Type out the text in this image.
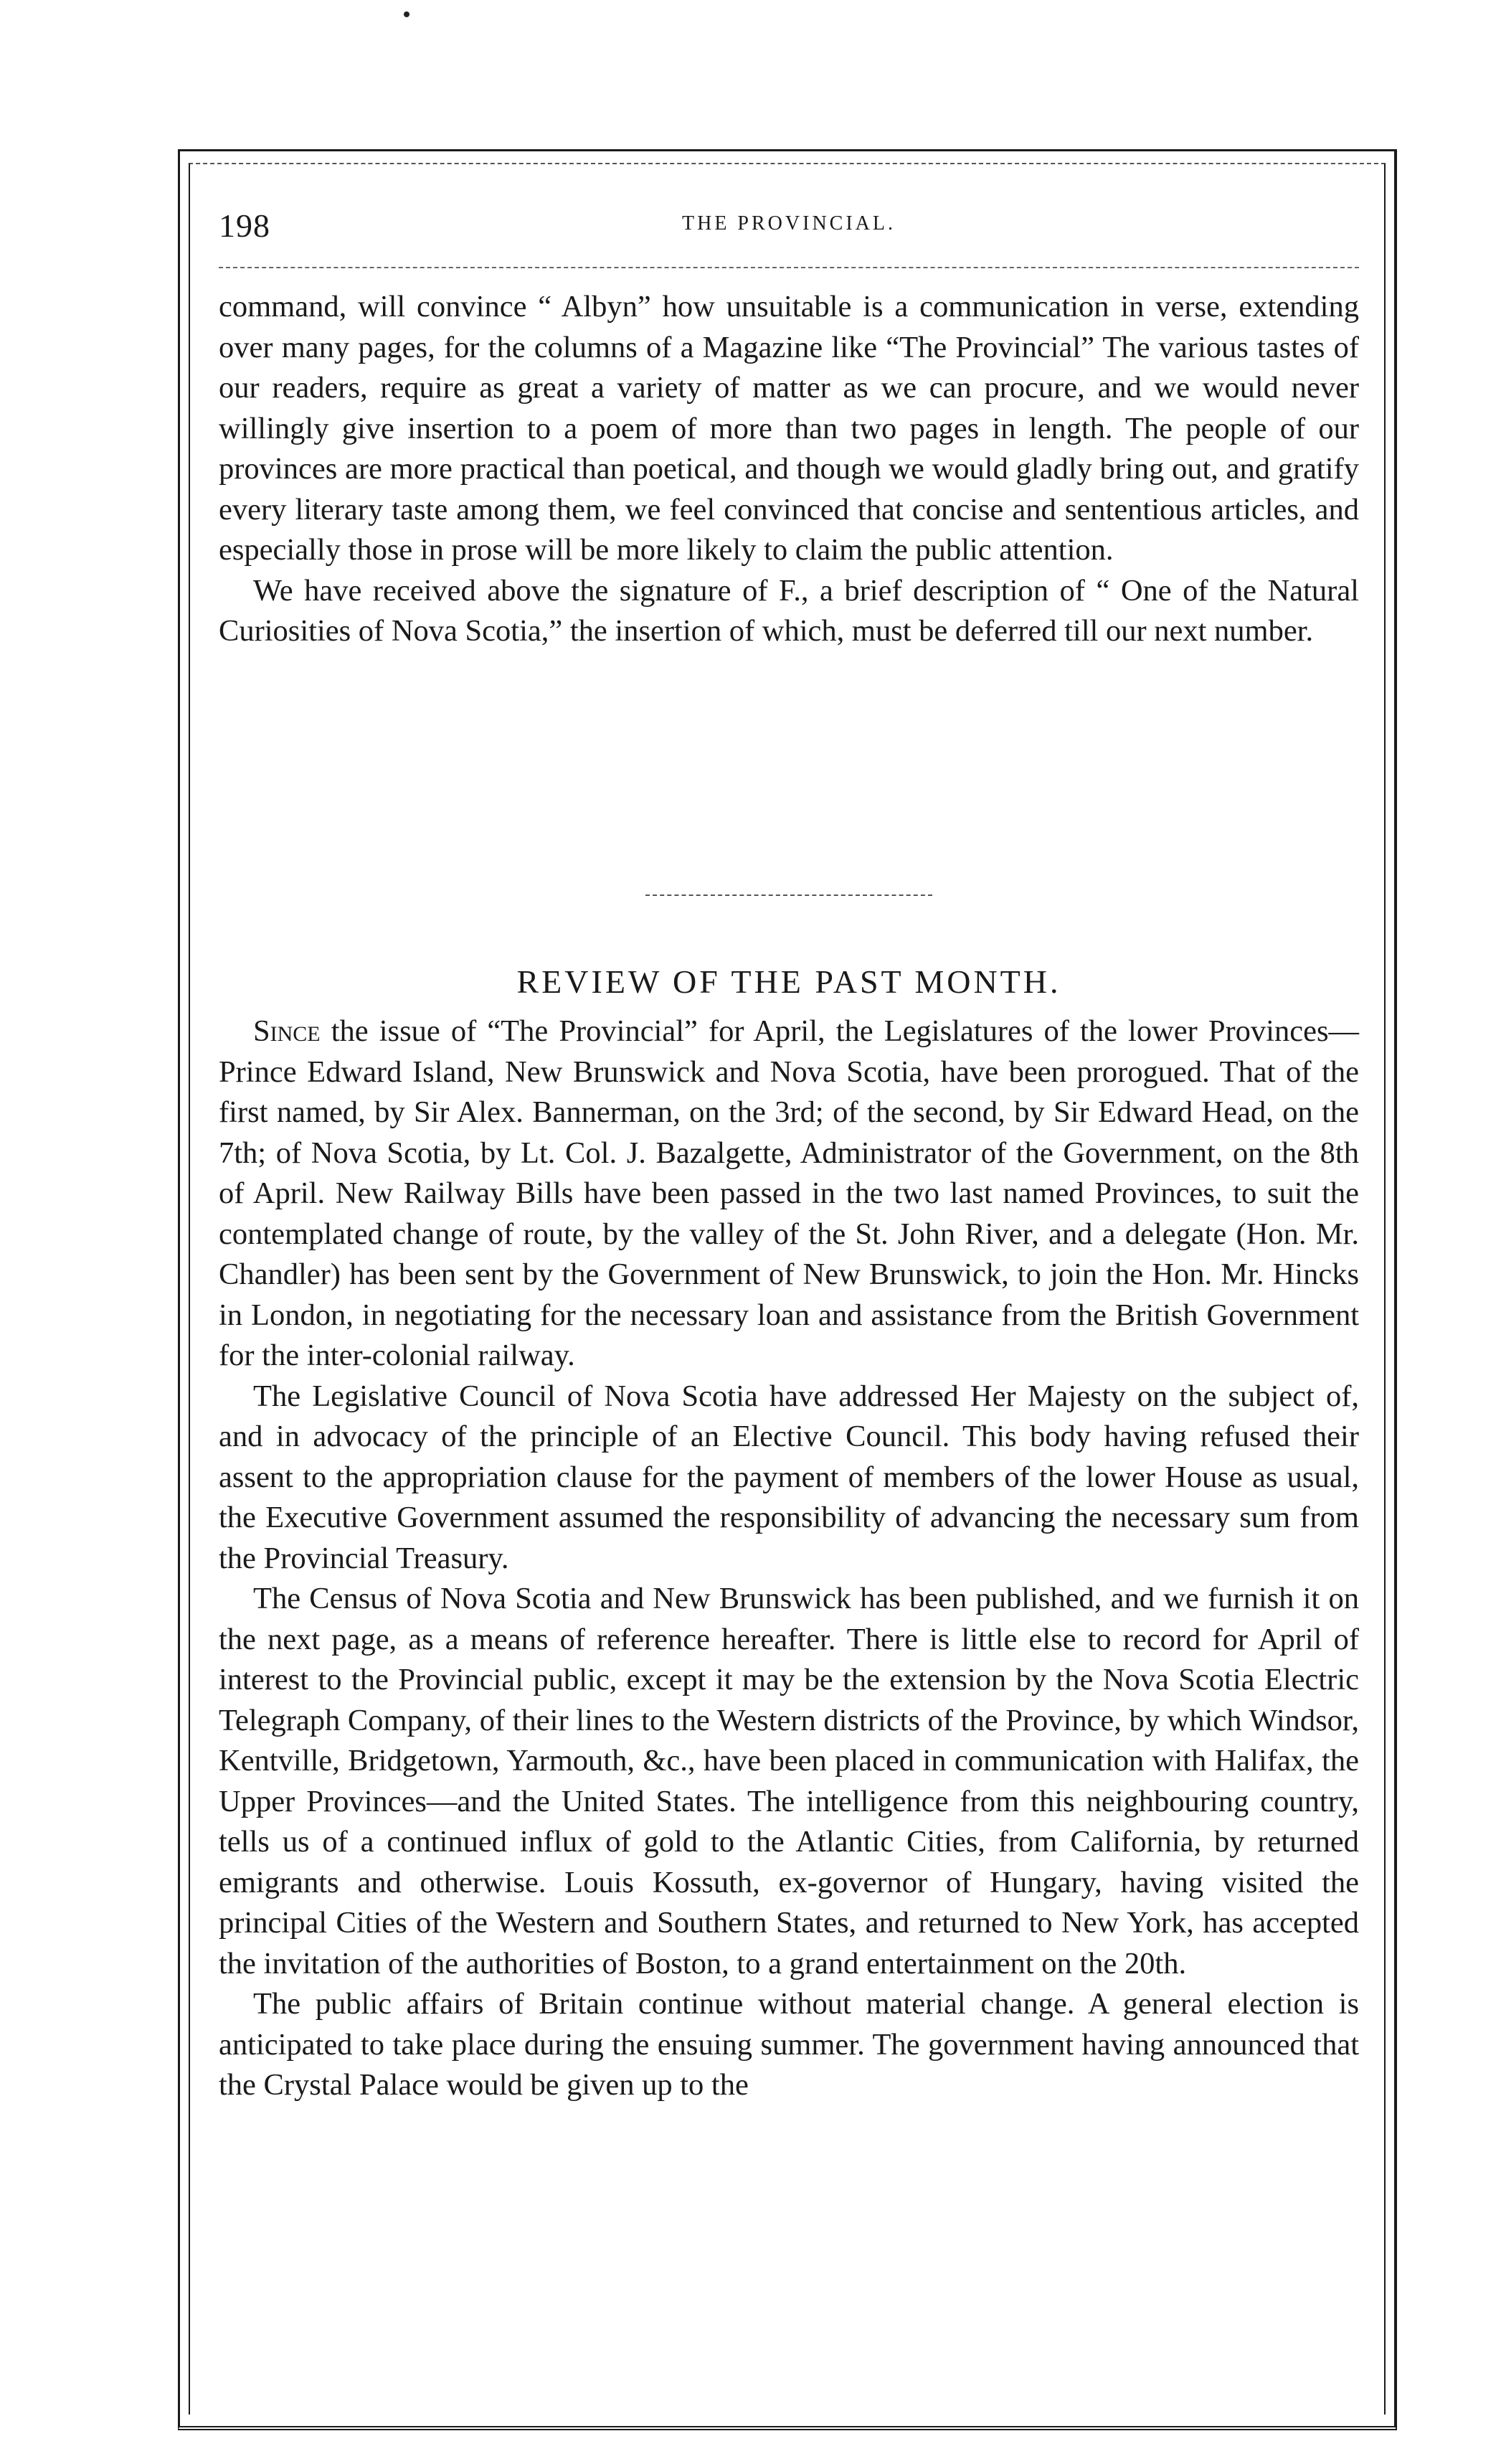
198	THE PROVINCIAL.

command, will convince “ Albyn” how unsuitable is a communication in verse, extending over many pages, for the columns of a Magazine like “The Provincial” The various tastes of our readers, require as great a variety of matter as we can procure, and we would never willingly give insertion to a poem of more than two pages in length. The people of our provinces are more practical than poetical, and though we would gladly bring out, and gratify every literary taste among them, we feel convinced that concise and sententious articles, and especially those in prose will be more likely to claim the public attention.

We have received above the signature of F., a brief description of “ One of the Natural Curiosities of Nova Scotia,” the insertion of which, must be deferred till our next number.

REVIEW OF THE PAST MONTH.

Since the issue of “The Provincial” for April, the Legislatures of the lower Provinces—Prince Edward Island, New Brunswick and Nova Scotia, have been prorogued. That of the first named, by Sir Alex. Bannerman, on the 3rd; of the second, by Sir Edward Head, on the 7th; of Nova Scotia, by Lt. Col. J. Bazalgette, Administrator of the Government, on the 8th of April. New Railway Bills have been passed in the two last named Provinces, to suit the contemplated change of route, by the valley of the St. John River, and a delegate (Hon. Mr. Chandler) has been sent by the Government of New Brunswick, to join the Hon. Mr. Hincks in London, in negotiating for the necessary loan and assistance from the British Government for the inter-colonial railway.

The Legislative Council of Nova Scotia have addressed Her Majesty on the subject of, and in advocacy of the principle of an Elective Council. This body having refused their assent to the appropriation clause for the payment of members of the lower House as usual, the Executive Government assumed the responsibility of advancing the necessary sum from the Provincial Treasury.

The Census of Nova Scotia and New Brunswick has been published, and we furnish it on the next page, as a means of reference hereafter. There is little else to record for April of interest to the Provincial public, except it may be the extension by the Nova Scotia Electric Telegraph Company, of their lines to the Western districts of the Province, by which Windsor, Kentville, Bridgetown, Yarmouth, &c., have been placed in communication with Halifax, the Upper Provinces—and the United States. The intelligence from this neighbouring country, tells us of a continued influx of gold to the Atlantic Cities, from California, by returned emigrants and otherwise. Louis Kossuth, ex-governor of Hungary, having visited the principal Cities of the Western and Southern States, and returned to New York, has accepted the invitation of the authorities of Boston, to a grand entertainment on the 20th.

The public affairs of Britain continue without material change. A general election is anticipated to take place during the ensuing summer. The government having announced that the Crystal Palace would be given up to the
